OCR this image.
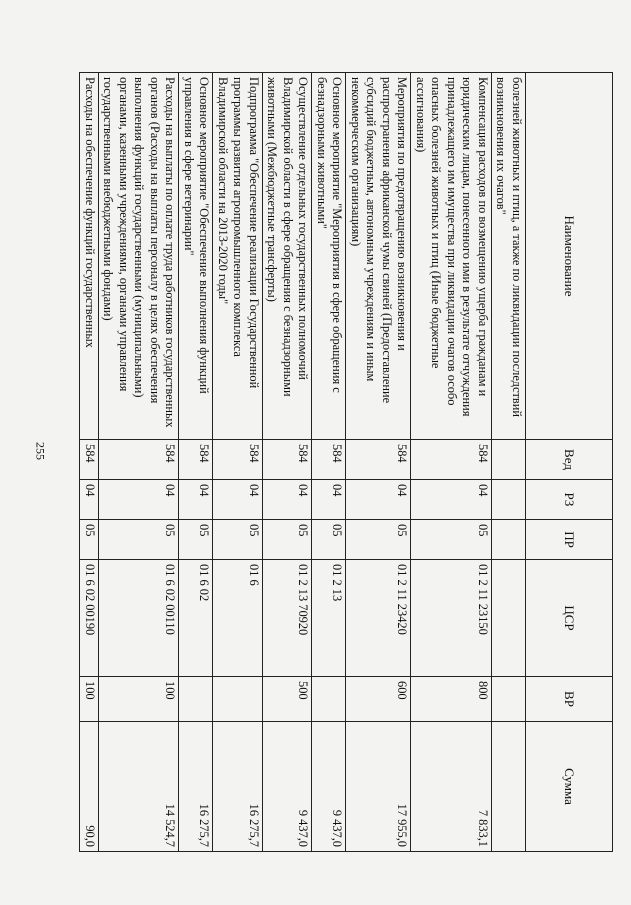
255
Наименование	Вед	РЗ	ПР	ЦСР	ВР	Сумма
болезней животных и птиц, а также по ликвидации последствий возникновения их очагов"						
Компенсация расходов по возмещению ущерба гражданам и юридическим лицам, понесенного ими в результате отчуждения принадлежащего им имущества при ликвидации очагов особо опасных болезней животных и птиц (Иные бюджетные ассигнования)	584	04	05	01 2 11 23150	800	7 833,1
Мероприятия по предотвращению возникновения и распространения африканской чумы свиней (Предоставление субсидий бюджетным, автономным учреждениям и иным некоммерческим организациям)	584	04	05	01 2 11 23420	600	17 955,0
Основное мероприятие "Мероприятия в сфере обращения с безнадзорными животными"	584	04	05	01 2 13		9 437,0
Осуществление отдельных государственных полномочий Владимирской области в сфере обращения с безнадзорными животными (Межбюджетные трансферты)	584	04	05	01 2 13 70920	500	9 437,0
Подпрограмма "Обеспечение реализации Государственной программы развития агропромышленного комплекса Владимирской области на 2013-2020 годы"	584	04	05	01 6		16 275,7
Основное мероприятие "Обеспечение выполнения функций управления в сфере ветеринарии"	584	04	05	01 6 02		16 275,7
Расходы на выплаты по оплате труда работников государственных органов (Расходы на выплаты персоналу в целях обеспечения выполнения функций государственными (муниципальными) органами, казенными учреждениями, органами управления государственными внебюджетными фондами)	584	04	05	01 6 02 00110	100	14 524,7
Расходы на обеспечение функций государственных	584	04	05	01 6 02 00190	100	90,0
